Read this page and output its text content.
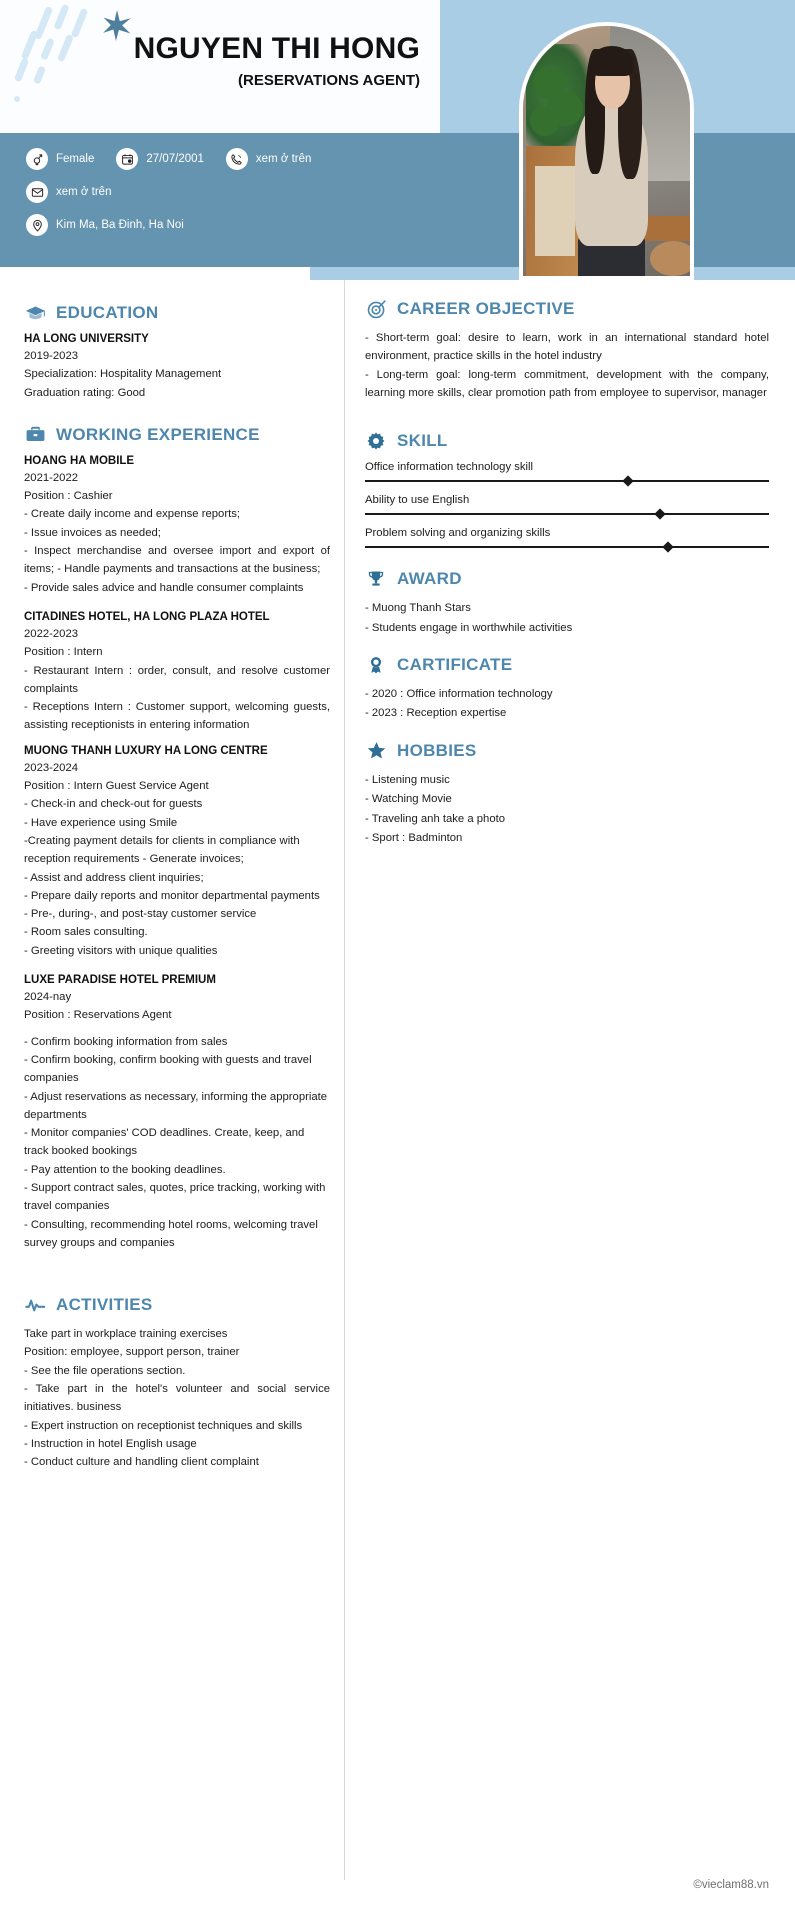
NGUYEN THI HONG
(RESERVATIONS AGENT)
Female	27/07/2001	xem ở trên
xem ở trên
Kim Ma, Ba Đinh, Ha Noi
EDUCATION
HA LONG UNIVERSITY
2019-2023
Specialization: Hospitality Management
Graduation rating: Good
WORKING EXPERIENCE
HOANG HA MOBILE
2021-2022
Position : Cashier
- Create daily income and expense reports;
- Issue invoices as needed;
- Inspect merchandise and oversee import and export of items; - Handle payments and transactions at the business;
- Provide sales advice and handle consumer complaints
CITADINES HOTEL, HA LONG PLAZA HOTEL
2022-2023
Position : Intern
- Restaurant Intern : order, consult, and resolve customer complaints
- Receptions Intern : Customer support, welcoming guests, assisting receptionists in entering information
MUONG THANH LUXURY HA LONG CENTRE
2023-2024
Position : Intern Guest Service Agent
- Check-in and check-out for guests
- Have experience using Smile
-Creating payment details for clients in compliance with reception requirements - Generate invoices;
- Assist and address client inquiries;
- Prepare daily reports and monitor departmental payments
- Pre-, during-, and post-stay customer service
- Room sales consulting.
- Greeting visitors with unique qualities
LUXE PARADISE HOTEL PREMIUM
2024-nay
Position : Reservations Agent
- Confirm booking information from sales
- Confirm booking, confirm booking with guests and travel companies
- Adjust reservations as necessary, informing the appropriate departments
- Monitor companies' COD deadlines. Create, keep, and track booked bookings
- Pay attention to the booking deadlines.
- Support contract sales, quotes, price tracking, working with travel companies
- Consulting, recommending hotel rooms, welcoming travel survey groups and companies
ACTIVITIES
Take part in workplace training exercises
Position: employee, support person, trainer
- See the file operations section.
- Take part in the hotel's volunteer and social service initiatives. business
- Expert instruction on receptionist techniques and skills
- Instruction in hotel English usage
- Conduct culture and handling client complaint
CAREER OBJECTIVE
- Short-term goal: desire to learn, work in an international standard hotel environment, practice skills in the hotel industry
- Long-term goal: long-term commitment, development with the company, learning more skills, clear promotion path from employee to supervisor, manager
SKILL
Office information technology skill
Ability to use English
Problem solving and organizing skills
AWARD
- Muong Thanh Stars
- Students engage in worthwhile activities
CARTIFICATE
- 2020 : Office information technology
- 2023 : Reception expertise
HOBBIES
- Listening music
- Watching Movie
- Traveling anh take a photo
- Sport : Badminton
©vieclam88.vn
